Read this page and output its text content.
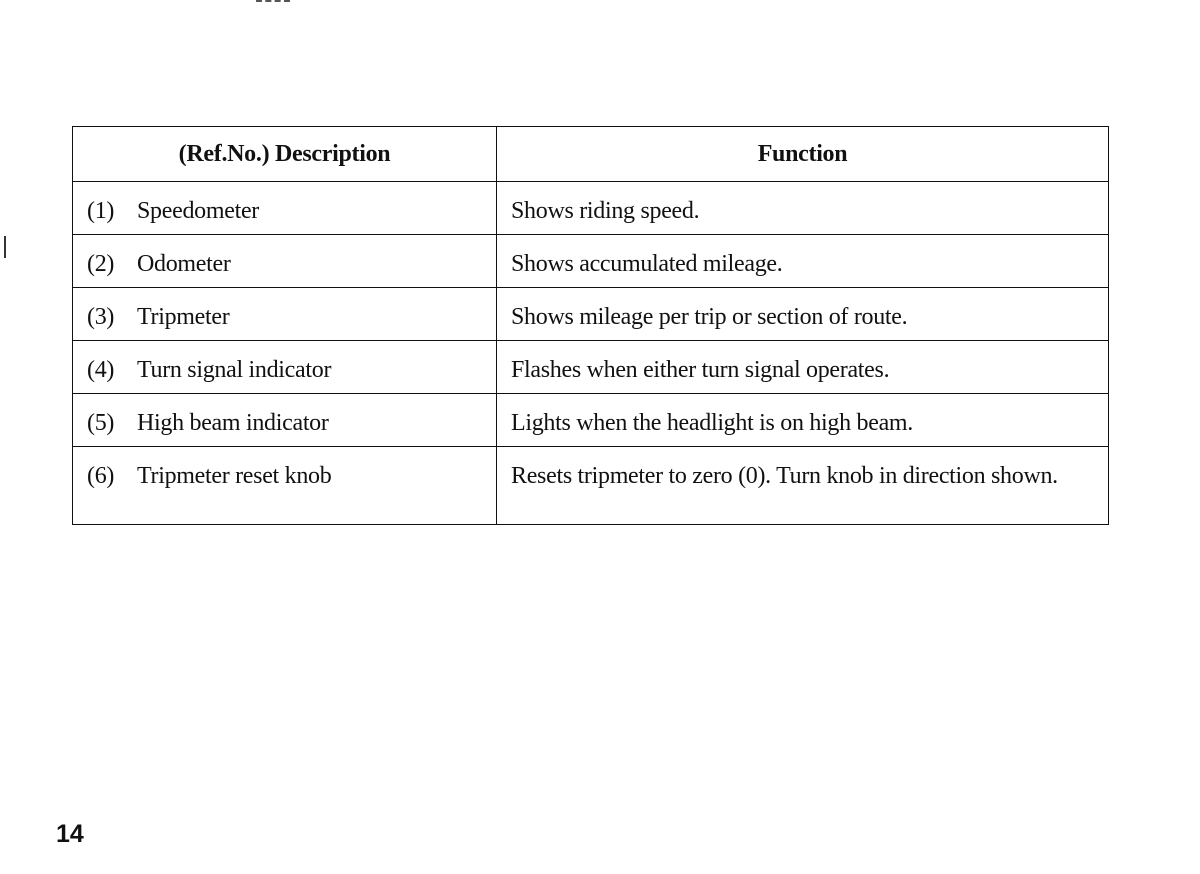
(Ref.No.) Description	Function

(1) Speedometer	Shows riding speed.

(2) Odometer	Shows accumulated mileage.

(3) Tripmeter	Shows mileage per trip or section of route.

(4) Turn signal indicator	Flashes when either turn signal operates.

(5) High beam indicator	Lights when the headlight is on high beam.

(6) Tripmeter reset knob	Resets tripmeter to zero (0). Turn knob in direction shown.
14
